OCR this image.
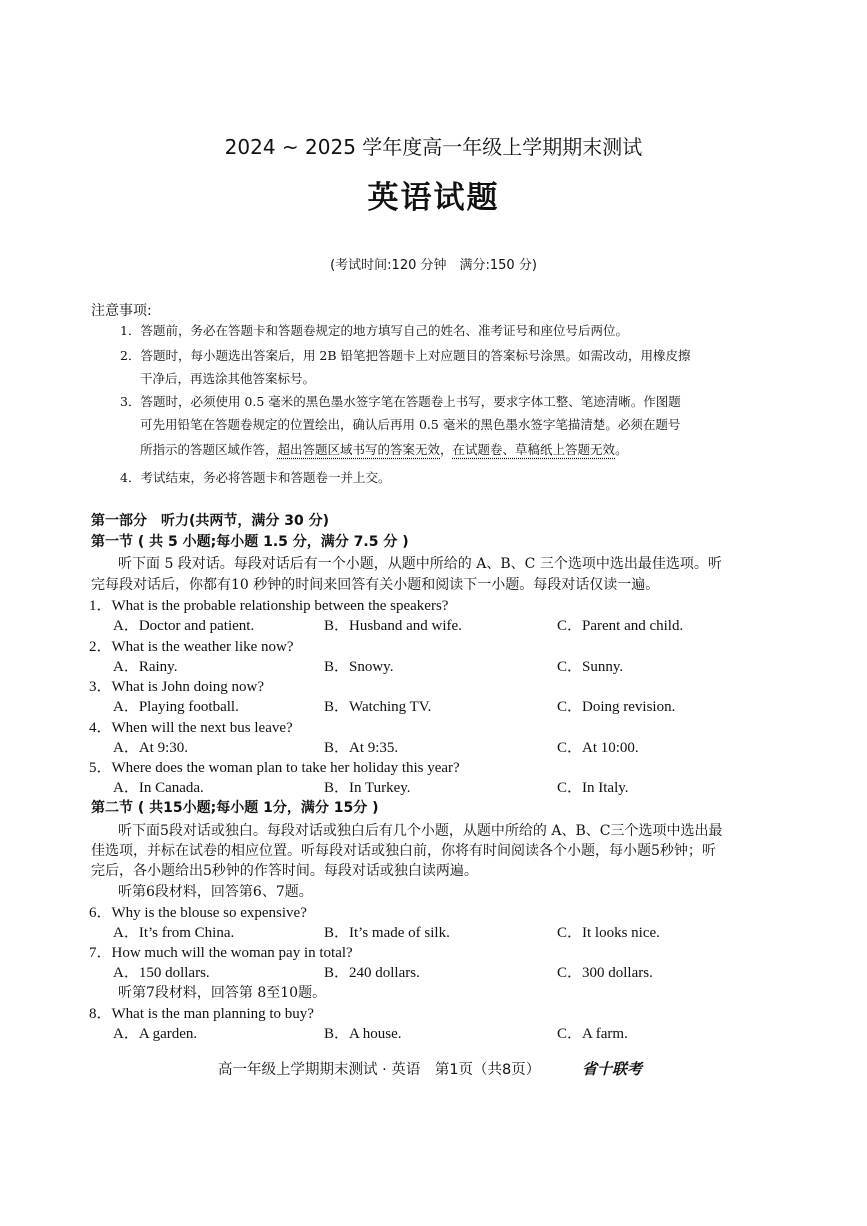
2024 ~ 2025 学年度高一年级上学期期末测试
英语试题
(考试时间:120 分钟　满分:150 分)
注意事项:
1．答题前，务必在答题卡和答题卷规定的地方填写自己的姓名、准考证号和座位号后两位。
2．答题时，每小题选出答案后，用 2B 铅笔把答题卡上对应题目的答案标号涂黑。如需改动，用橡皮擦
干净后，再选涂其他答案标号。
3．答题时，必须使用 0.5 毫米的黑色墨水签字笔在答题卷上书写，要求字体工整、笔迹清晰。作图题
可先用铅笔在答题卷规定的位置绘出，确认后再用 0.5 毫米的黑色墨水签字笔描清楚。必须在题号
所指示的答题区域作答，超出答题区域书写的答案无效，在试题卷、草稿纸上答题无效。
4．考试结束，务必将答题卡和答题卷一并上交。
第一部分　听力(共两节，满分 30 分)
第一节 ( 共 5 小题;每小题 1.5 分，满分 7.5 分 )
听下面 5 段对话。每段对话后有一个小题，从题中所给的 A、B、C 三个选项中选出最佳选项。听
完每段对话后，你都有10 秒钟的时间来回答有关小题和阅读下一小题。每段对话仅读一遍。
1．What is the probable relationship between the speakers?
A．Doctor and patient.	B．Husband and wife.	C．Parent and child.
2．What is the weather like now?
A．Rainy.	B．Snowy.	C．Sunny.
3．What is John doing now?
A．Playing football.	B．Watching TV.	C．Doing revision.
4．When will the next bus leave?
A．At 9:30.	B．At 9:35.	C．At 10:00.
5．Where does the woman plan to take her holiday this year?
A．In Canada.	B．In Turkey.	C．In Italy.
第二节 ( 共15小题;每小题 1分，满分 15分 )
听下面5段对话或独白。每段对话或独白后有几个小题，从题中所给的 A、B、C三个选项中选出最
佳选项，并标在试卷的相应位置。听每段对话或独白前，你将有时间阅读各个小题，每小题5秒钟；听
完后，各小题给出5秒钟的作答时间。每段对话或独白读两遍。
听第6段材料，回答第6、7题。
6．Why is the blouse so expensive?
A．It’s from China.	B．It’s made of silk.	C．It looks nice.
7．How much will the woman pay in total?
A．150 dollars.	B．240 dollars.	C．300 dollars.
听第7段材料，回答第 8至10题。
8．What is the man planning to buy?
A．A garden.	B．A house.	C．A farm.
高一年级上学期期末测试 · 英语　第1页（共8页）	省十联考
